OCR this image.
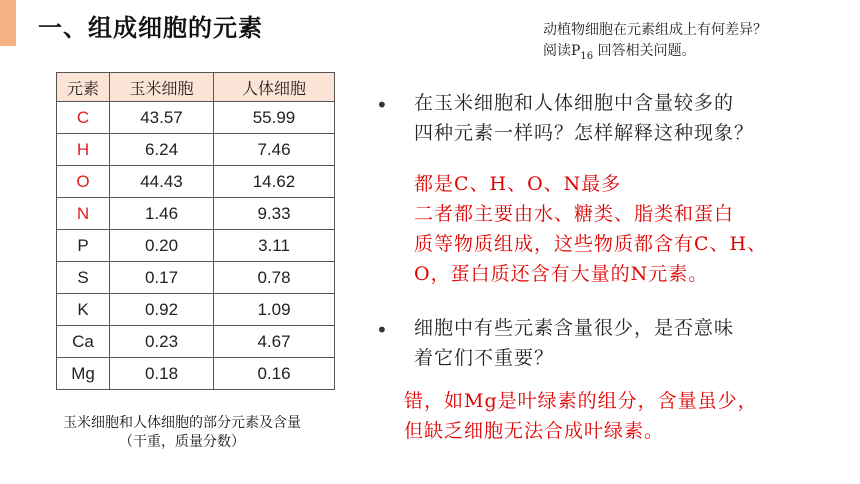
一、组成细胞的元素	动植物细胞在元素组成上有何差异？
阅读$P_{16}$ 回答相关问题。
元素	玉米细胞	人体细胞
C	43.57	55.99
H	6.24	7.46
O	44.43	14.62
N	1.46	9.33
P	0.20	3.11
S	0.17	0.78
K	0.92	1.09
Ca	0.23	4.67
Mg	0.18	0.16
玉米细胞和人体细胞的部分元素及含量
（干重，质量分数）
• 在玉米细胞和人体细胞中含量较多的
四种元素一样吗？怎样解释这种现象？
都是C、H、O、N最多
二者都主要由水、糖类、脂类和蛋白
质等物质组成，这些物质都含有C、H、
O，蛋白质还含有大量的N元素。
• 细胞中有些元素含量很少，是否意味
着它们不重要？
错，如Mg是叶绿素的组分，含量虽少，
但缺乏细胞无法合成叶绿素。
